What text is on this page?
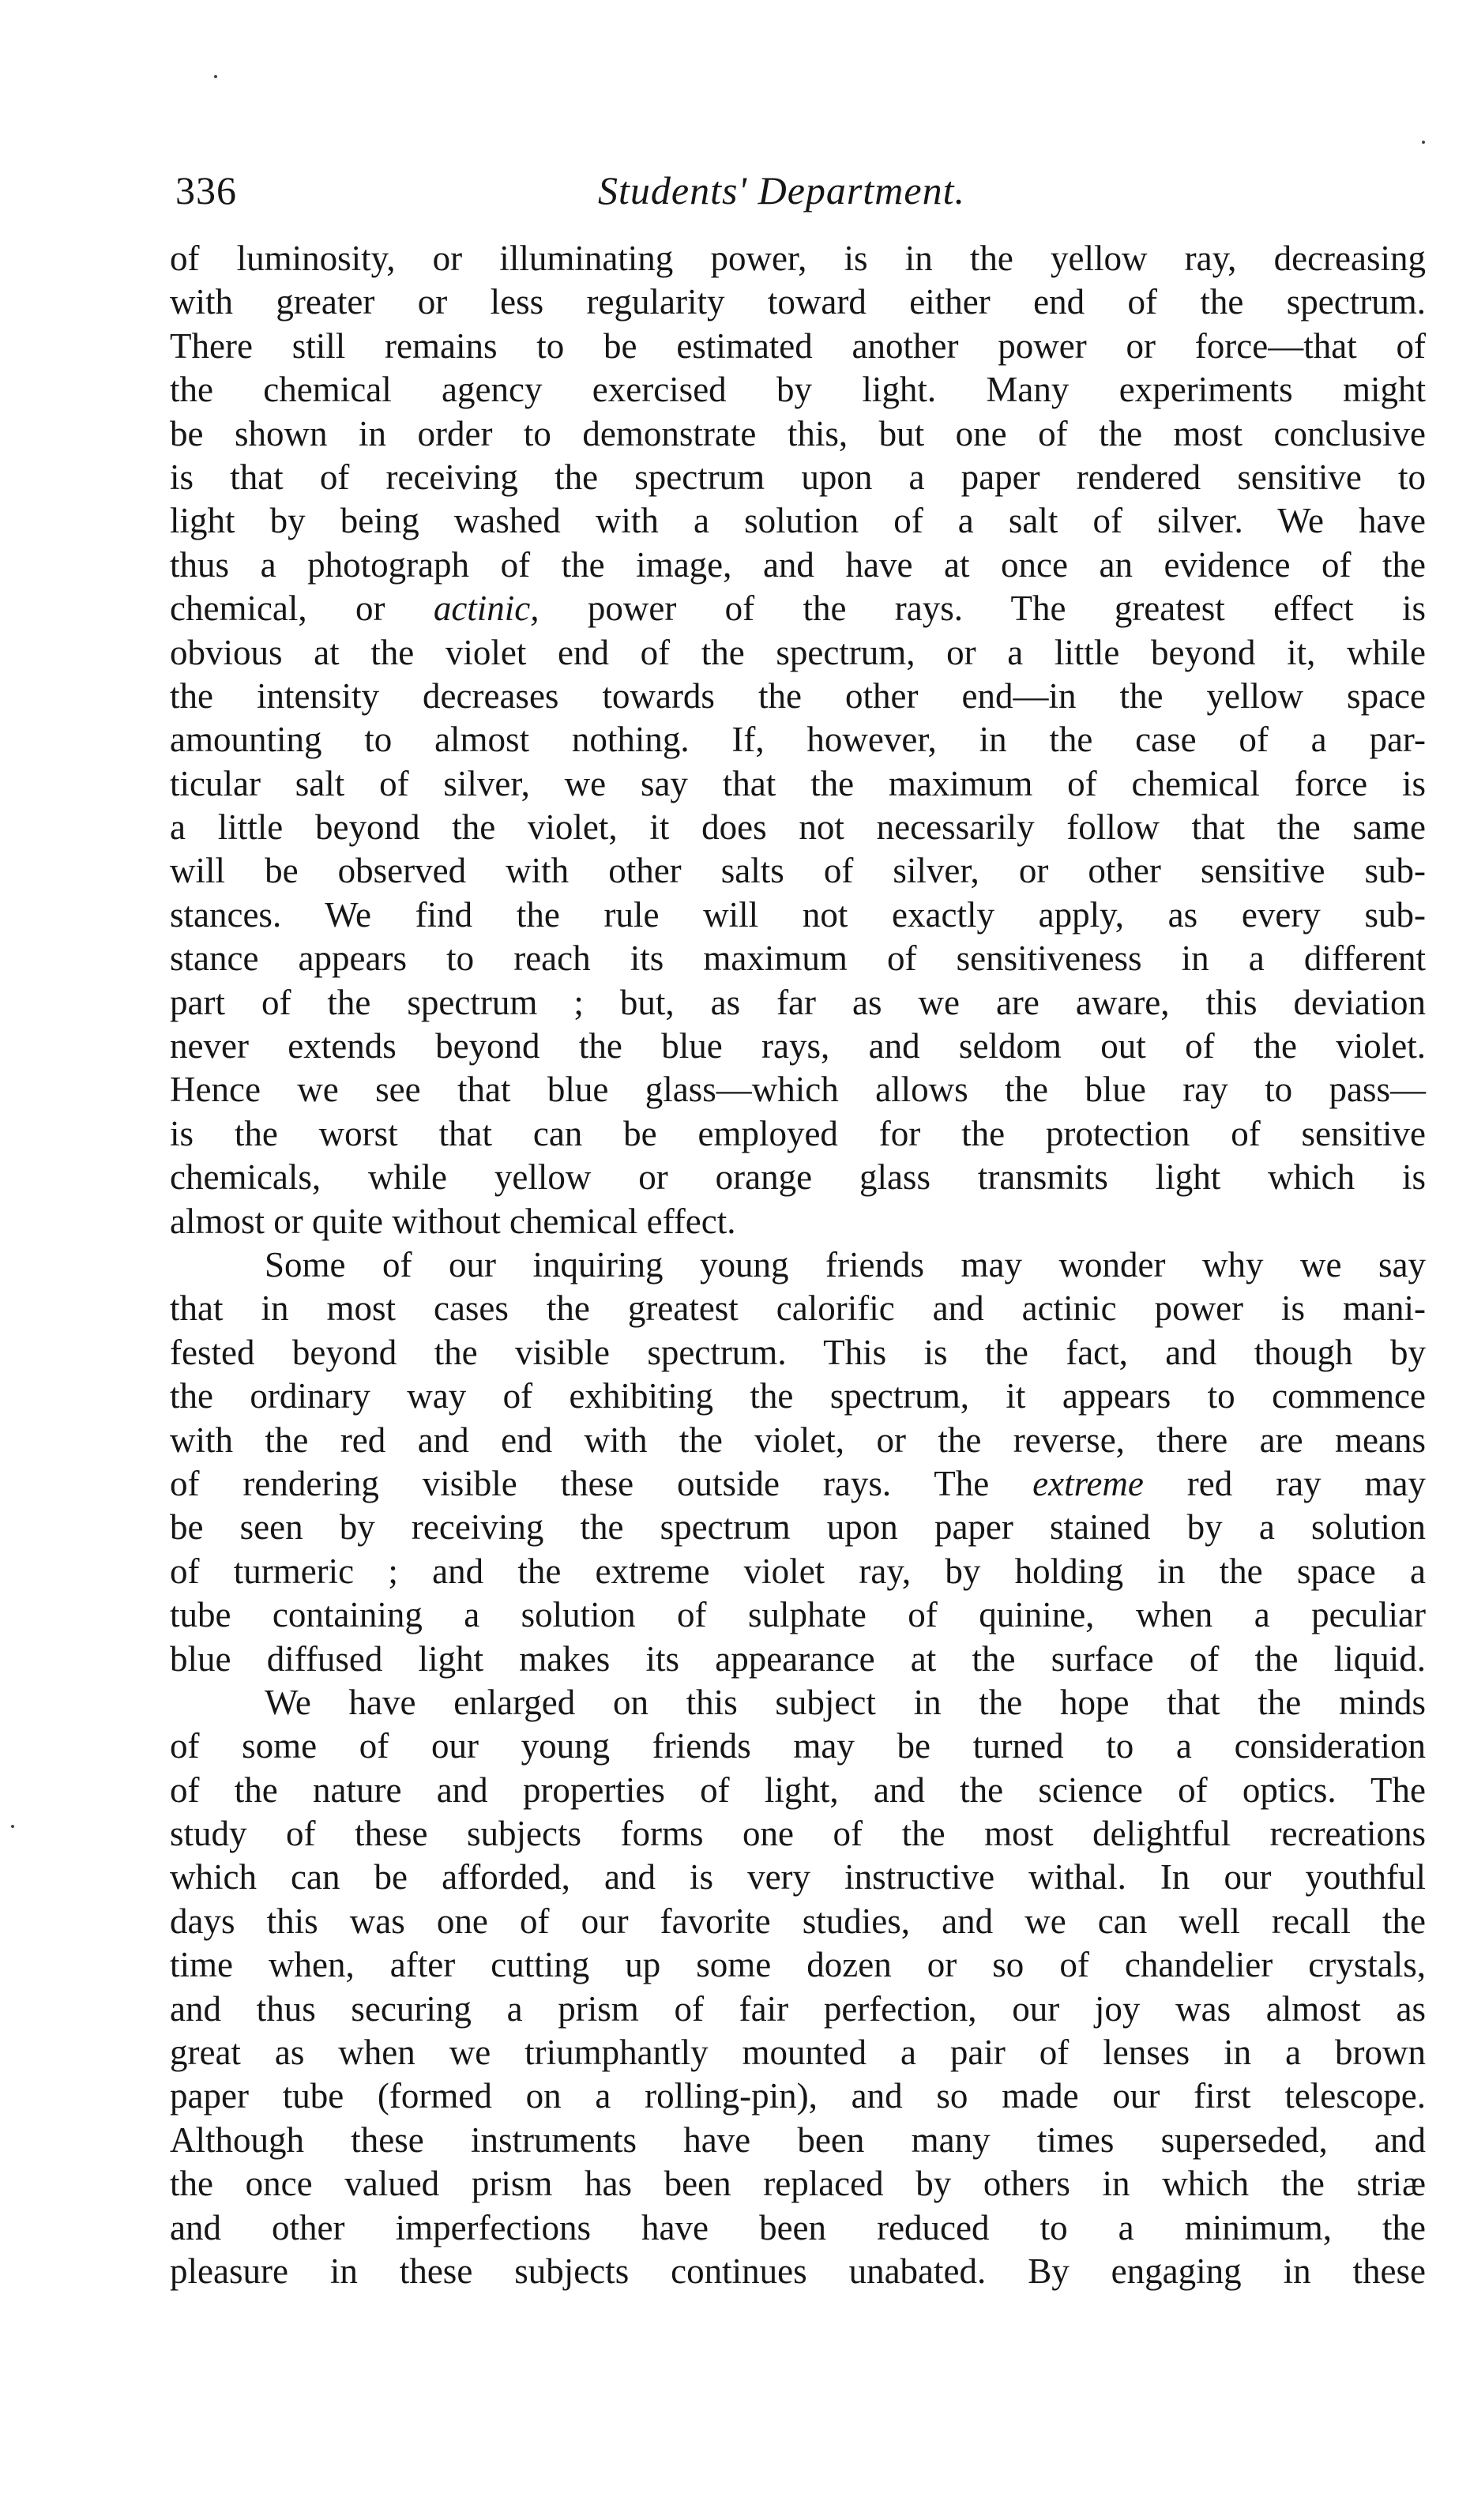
336	Students' Department.
of luminosity, or illuminating power, is in the yellow ray, decreasing
with greater or less regularity toward either end of the spectrum.
There still remains to be estimated another power or force—that of
the chemical agency exercised by light. Many experiments might
be shown in order to demonstrate this, but one of the most conclusive
is that of receiving the spectrum upon a paper rendered sensitive to
light by being washed with a solution of a salt of silver. We have
thus a photograph of the image, and have at once an evidence of the
chemical, or actinic, power of the rays. The greatest effect is
obvious at the violet end of the spectrum, or a little beyond it, while
the intensity decreases towards the other end—in the yellow space
amounting to almost nothing. If, however, in the case of a par-
ticular salt of silver, we say that the maximum of chemical force is
a little beyond the violet, it does not necessarily follow that the same
will be observed with other salts of silver, or other sensitive sub-
stances. We find the rule will not exactly apply, as every sub-
stance appears to reach its maximum of sensitiveness in a different
part of the spectrum ; but, as far as we are aware, this deviation
never extends beyond the blue rays, and seldom out of the violet.
Hence we see that blue glass—which allows the blue ray to pass—
is the worst that can be employed for the protection of sensitive
chemicals, while yellow or orange glass transmits light which is
almost or quite without chemical effect.
Some of our inquiring young friends may wonder why we say
that in most cases the greatest calorific and actinic power is mani-
fested beyond the visible spectrum. This is the fact, and though by
the ordinary way of exhibiting the spectrum, it appears to commence
with the red and end with the violet, or the reverse, there are means
of rendering visible these outside rays. The extreme red ray may
be seen by receiving the spectrum upon paper stained by a solution
of turmeric ; and the extreme violet ray, by holding in the space a
tube containing a solution of sulphate of quinine, when a peculiar
blue diffused light makes its appearance at the surface of the liquid.
We have enlarged on this subject in the hope that the minds
of some of our young friends may be turned to a consideration
of the nature and properties of light, and the science of optics. The
study of these subjects forms one of the most delightful recreations
which can be afforded, and is very instructive withal. In our youthful
days this was one of our favorite studies, and we can well recall the
time when, after cutting up some dozen or so of chandelier crystals,
and thus securing a prism of fair perfection, our joy was almost as
great as when we triumphantly mounted a pair of lenses in a brown
paper tube (formed on a rolling-pin), and so made our first telescope.
Although these instruments have been many times superseded, and
the once valued prism has been replaced by others in which the striæ
and other imperfections have been reduced to a minimum, the
pleasure in these subjects continues unabated. By engaging in these
